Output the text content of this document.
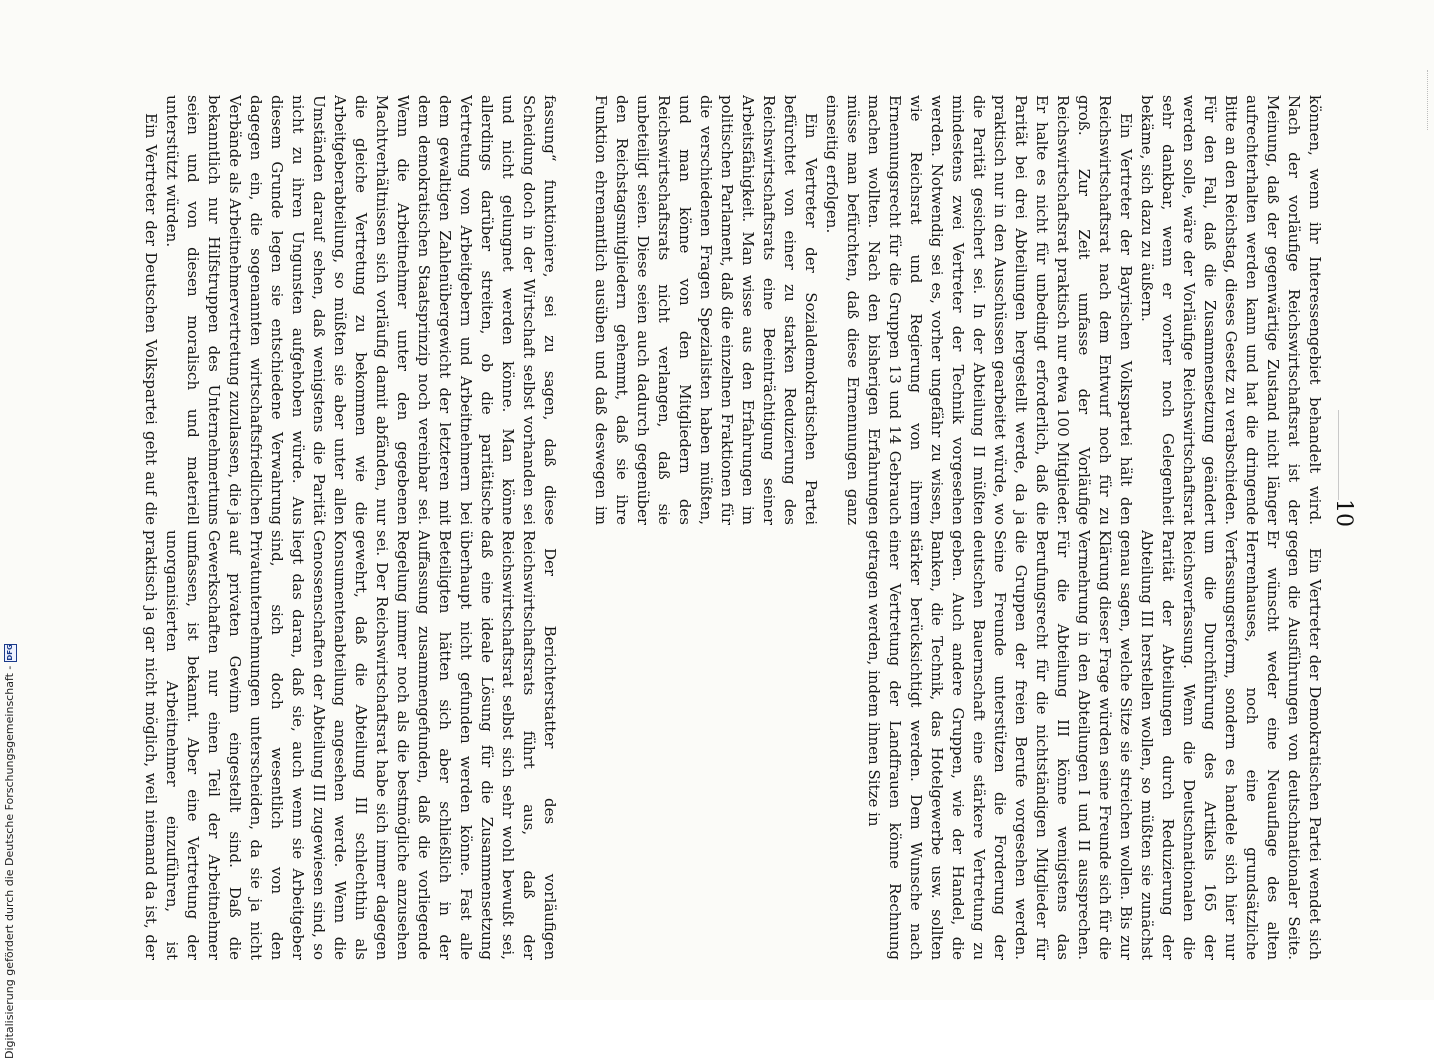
fassung“ funktioniere, sei zu sagen, daß diese Scheidung doch in der Wirtschaft selbst vorhanden sei und nicht gelungnet werden könne. Man könne allerdings darüber streiten, ob die paritätische Vertretung von Arbeitgebern und Arbeitnehmern bei dem gewaltigen Zahlenübergewicht der letzteren mit dem demokratischen Staatsprinzip noch vereinbar sei. Wenn die Arbeitnehmer unter den gegebenen Machtverhältnissen sich vorläufig damit abfänden, nur die gleiche Vertretung zu bekommen wie die Arbeitgeberabteilung, so müßten sie aber unter allen Umständen darauf sehen, daß wenigstens die Parität nicht zu ihren Ungunsten aufgehoben würde. Aus diesem Grunde legen sie entschiedene Verwahrung dagegen ein, die sogenannten wirtschaftsfriedlichen Verbände als Arbeitnehmervertretung zuzulassen, die ja bekanntlich nur Hilfstruppen des Unternehmertums seien und von diesen moralisch und materiell unterstützt würden.

Ein Vertreter der Deutschen Volkspartei geht auf die

Der Berichterstatter des vorläufigen Reichswirtschaftsrats führt aus, daß der Reichswirtschaftsrat selbst sich sehr wohl bewußt sei, daß eine ideale Lösung für die Zusammensetzung überhaupt nicht gefunden werden könne. Fast alle Beteiligten hätten sich aber schließlich in der Auffassung zusammengefunden, daß die vorliegende Regelung immer noch als die bestmögliche anzusehen sei. Der Reichswirtschaftsrat habe sich immer dagegen gewehrt, daß die Abteilung III schlechthin als Konsumentenabteilung angesehen werde. Wenn die Genossenschaften der Abteilung III zugewiesen sind, so liegt das daran, daß sie, auch wenn sie Arbeitgeber sind, sich doch wesentlich von den Privatunternehmungen unterscheiden, da sie ja nicht auf privaten Gewinn eingestellt sind. Daß die Gewerkschaften nur einen Teil der Arbeitnehmer umfassen, ist bekannt. Aber eine Vertretung der unorganisierten Arbeitnehmer einzuführen, ist praktisch ja gar nicht möglich, weil niemand da ist, der

können, wenn ihr Interessengebiet behandelt wird. Nach der vorläufige Reichswirtschaftsrat ist der Meinung, daß der gegenwärtige Zustand nicht länger aufrechterhalten werden kann und hat die dringende Bitte an den Reichstag, dieses Gesetz zu verabschieden. Für den Fall, daß die Zusammensetzung geändert werden solle, wäre der Vorläufige Reichswirtschaftsrat sehr dankbar, wenn er vorher noch Gelegenheit bekäme, sich dazu zu äußern.

Ein Vertreter der Bayrischen Volkspartei hält den Reichswirtschaftsrat nach dem Entwurf noch für zu groß. Zur Zeit umfasse der Vorläufige Reichswirtschaftsrat praktisch nur etwa 100 Mitglieder. Er halte es nicht für unbedingt erforderlich, daß die Parität bei drei Abteilungen hergestellt werde, da ja praktisch nur in den Ausschüssen gearbeitet würde, wo die Parität gesichert sei. In der Abteilung II müßten mindestens zwei Vertreter der Technik vorgesehen werden. Notwendig sei es, vorher ungefähr zu wissen, wie Reichsrat und Regierung von ihrem Ernennungsrecht für die Gruppen 13 und 14 Gebrauch machen wollten. Nach den bisherigen Erfahrungen müsse man befürchten, daß diese Ernennungen ganz einseitig erfolgen.

Ein Vertreter der Sozialdemokratischen Partei befürchtet von einer zu starken Reduzierung des Reichswirtschaftsrats eine Beeinträchtigung seiner Arbeitsfähigkeit. Man wisse aus den Erfahrungen im politischen Parlament, daß die einzelnen Fraktionen für die verschiedenen Fragen Spezialisten haben müßten, und man könne von den Mitgliedern des Reichswirtschaftsrats nicht verlangen, daß sie unbeteiligt seien. Diese seien auch dadurch gegenüber den Reichstagsmitgliedern gehemmt, daß sie ihre Funktion ehrenamtlich ausüben und daß deswegen im

Ein Vertreter der Demokratischen Partei wendet sich gegen die Ausführungen von deutschnationaler Seite. Er wünscht weder eine Neuauflage des alten Herrenhauses, noch eine grundsätzliche Verfassungsreform, sondern es handele sich hier nur um die Durchführung des Artikels 165 der Reichsverfassung. Wenn die Deutschnationalen die Parität der Abteilungen durch Reduzierung der Abteilung III herstellen wollen, so müßten sie zunächst genau sagen, welche Sitze sie streichen wollen. Bis zur Klärung dieser Frage würden seine Freunde sich für die Vermehrung in den Abteilungen I und II aussprechen. Für die Abteilung III könne wenigstens das Berufungsrecht für die nichtständigen Mitglieder für die Gruppen der freien Berufe vorgesehen werden. Seine Freunde unterstützen die Forderung der deutschen Bauernschaft eine stärkere Vertretung zu geben. Auch andere Gruppen, wie der Handel, die Banken, die Technik, das Hotelgewerbe usw. sollten stärker berücksichtigt werden. Dem Wunsche nach einer Vertretung der Landfrauen könne Rechnung getragen werden, indem ihnen Sitze in

10
Digitalisierung gefördert durch die Deutsche Forschungsgemeinschaft -
DFG
